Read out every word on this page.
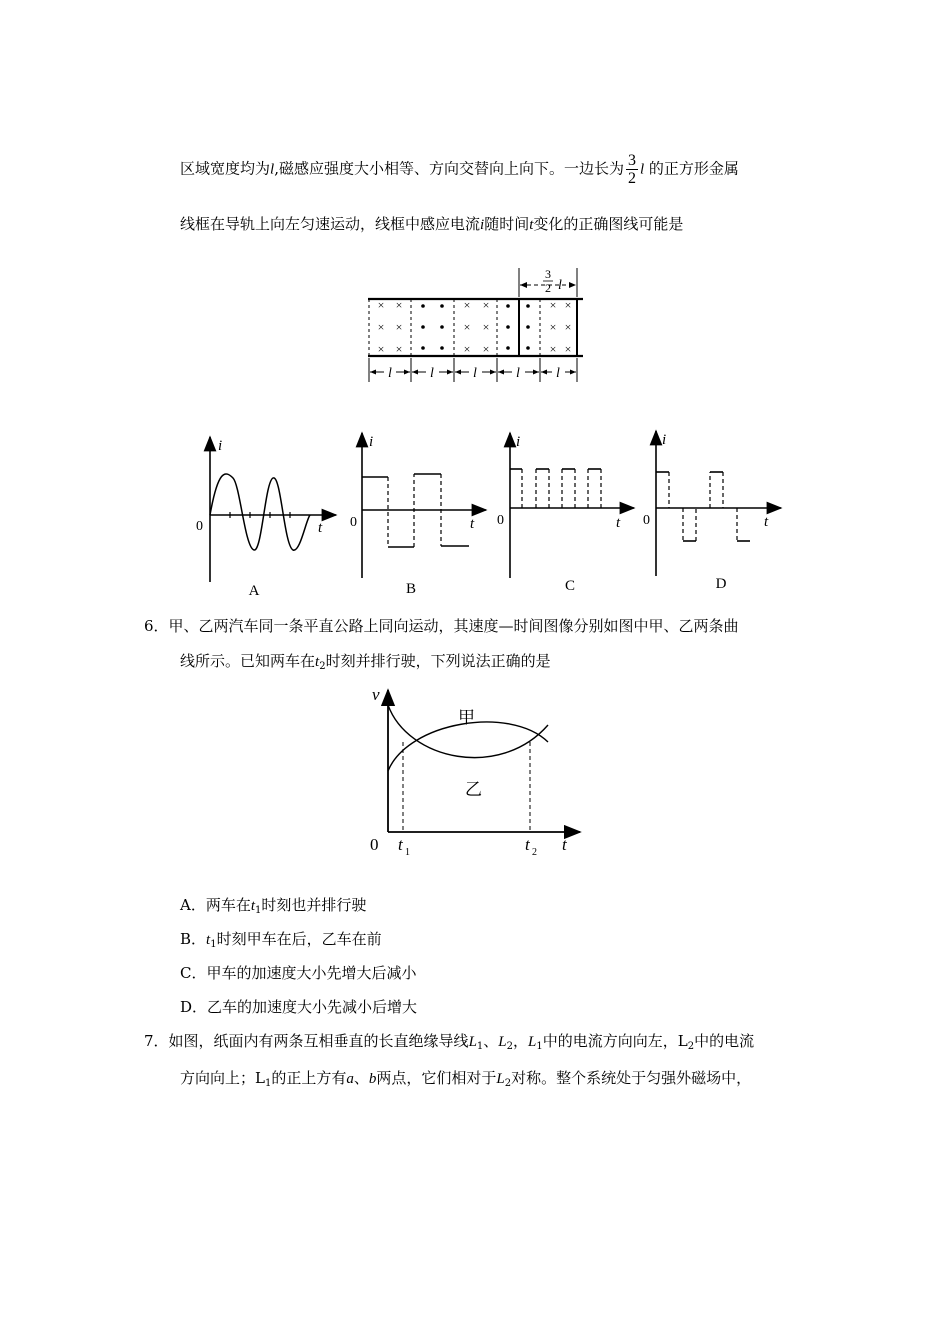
区域宽度均为l,磁感应强度大小相等、方向交替向上向下。一边长为 $\frac{3}{2}$ l 的正方形金属
线框在导轨上向左匀速运动，线框中感应电流i随时间t变化的正确图线可能是
× ×
× ×
× ×
× ×
× ×
× ×
× ×
× ×
× ×
3
2 l
l	l	l	l	l
i
0	t
A
i
0	t
B
i
0	t
C
i
0	t
D
6．甲、乙两汽车同一条平直公路上同向运动，其速度—时间图像分别如图中甲、乙两条曲
线所示。已知两车在$t_2$时刻并排行驶，下列说法正确的是
v
0	t
t 1	t 2
甲
乙
A．两车在$t_1$时刻也并排行驶
B．$t_1$时刻甲车在后，乙车在前
C．甲车的加速度大小先增大后减小
D．乙车的加速度大小先减小后增大
7．如图，纸面内有两条互相垂直的长直绝缘导线$L_1$、$L_2$，$L_1$中的电流方向向左，$L_2$中的电流
方向向上；$L_1$的正上方有a、b两点，它们相对于$L_2$对称。整个系统处于匀强外磁场中，
